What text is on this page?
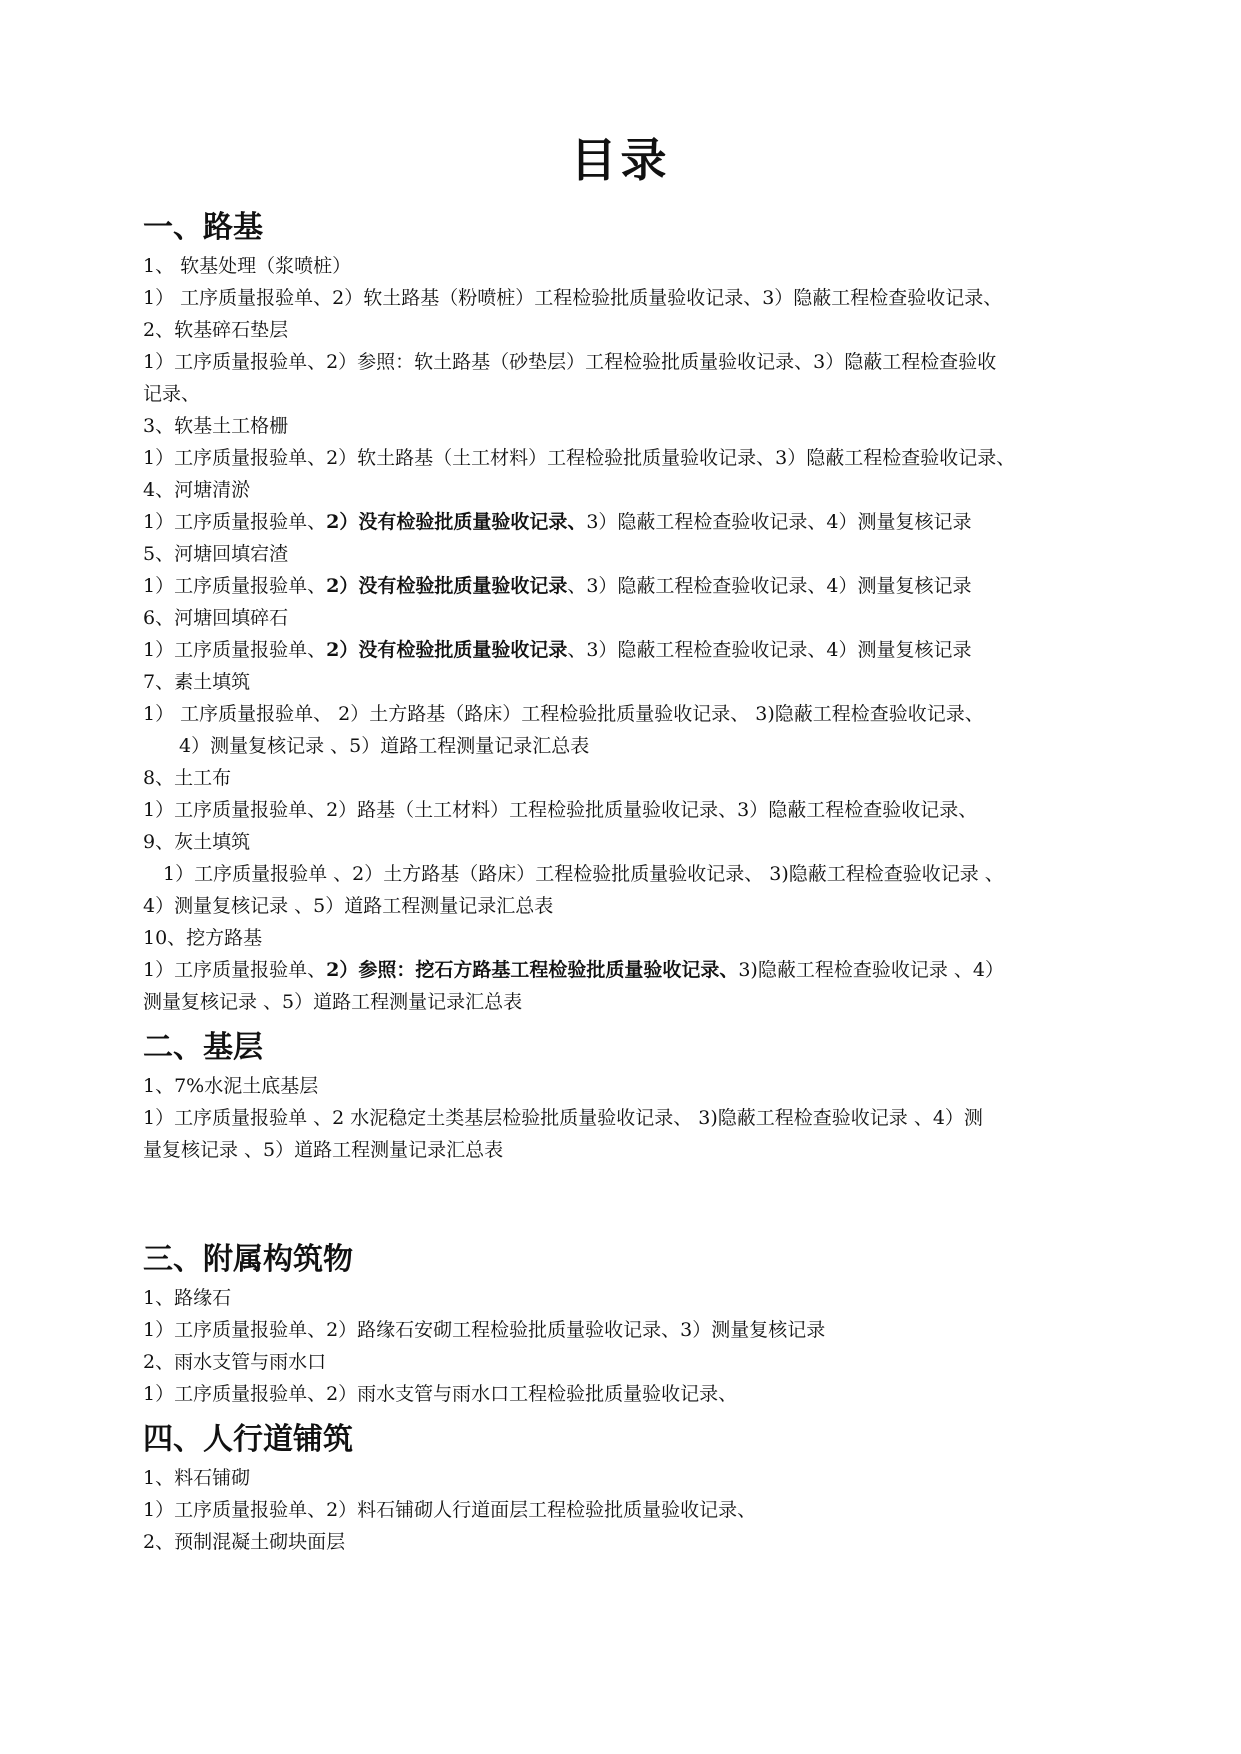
目录
一、路基
1、 软基处理（浆喷桩）
1） 工序质量报验单、2）软土路基（粉喷桩）工程检验批质量验收记录、3）隐蔽工程检查验收记录、
2、软基碎石垫层
1）工序质量报验单、2）参照：软土路基（砂垫层）工程检验批质量验收记录、3）隐蔽工程检查验收
记录、
3、软基土工格栅
1）工序质量报验单、2）软土路基（土工材料）工程检验批质量验收记录、3）隐蔽工程检查验收记录、
4、河塘清淤
1）工序质量报验单、2）没有检验批质量验收记录、3）隐蔽工程检查验收记录、4）测量复核记录
5、河塘回填宕渣
1）工序质量报验单、2）没有检验批质量验收记录、3）隐蔽工程检查验收记录、4）测量复核记录
6、河塘回填碎石
1）工序质量报验单、2）没有检验批质量验收记录、3）隐蔽工程检查验收记录、4）测量复核记录
7、素土填筑
1） 工序质量报验单、 2）土方路基（路床）工程检验批质量验收记录、 3)隐蔽工程检查验收记录、
4）测量复核记录 、5）道路工程测量记录汇总表
8、土工布
1）工序质量报验单、2）路基（土工材料）工程检验批质量验收记录、3）隐蔽工程检查验收记录、
9、灰土填筑
1）工序质量报验单 、2）土方路基（路床）工程检验批质量验收记录、 3)隐蔽工程检查验收记录 、
4）测量复核记录 、5）道路工程测量记录汇总表
10、挖方路基
1）工序质量报验单、2）参照：挖石方路基工程检验批质量验收记录、3)隐蔽工程检查验收记录 、4）
测量复核记录 、5）道路工程测量记录汇总表
二、基层
1、7%水泥土底基层
1）工序质量报验单 、2 水泥稳定土类基层检验批质量验收记录、 3)隐蔽工程检查验收记录 、4）测
量复核记录 、5）道路工程测量记录汇总表
三、附属构筑物
1、路缘石
1）工序质量报验单、2）路缘石安砌工程检验批质量验收记录、3）测量复核记录
2、雨水支管与雨水口
1）工序质量报验单、2）雨水支管与雨水口工程检验批质量验收记录、
四、人行道铺筑
1、料石铺砌
1）工序质量报验单、2）料石铺砌人行道面层工程检验批质量验收记录、
2、预制混凝土砌块面层
